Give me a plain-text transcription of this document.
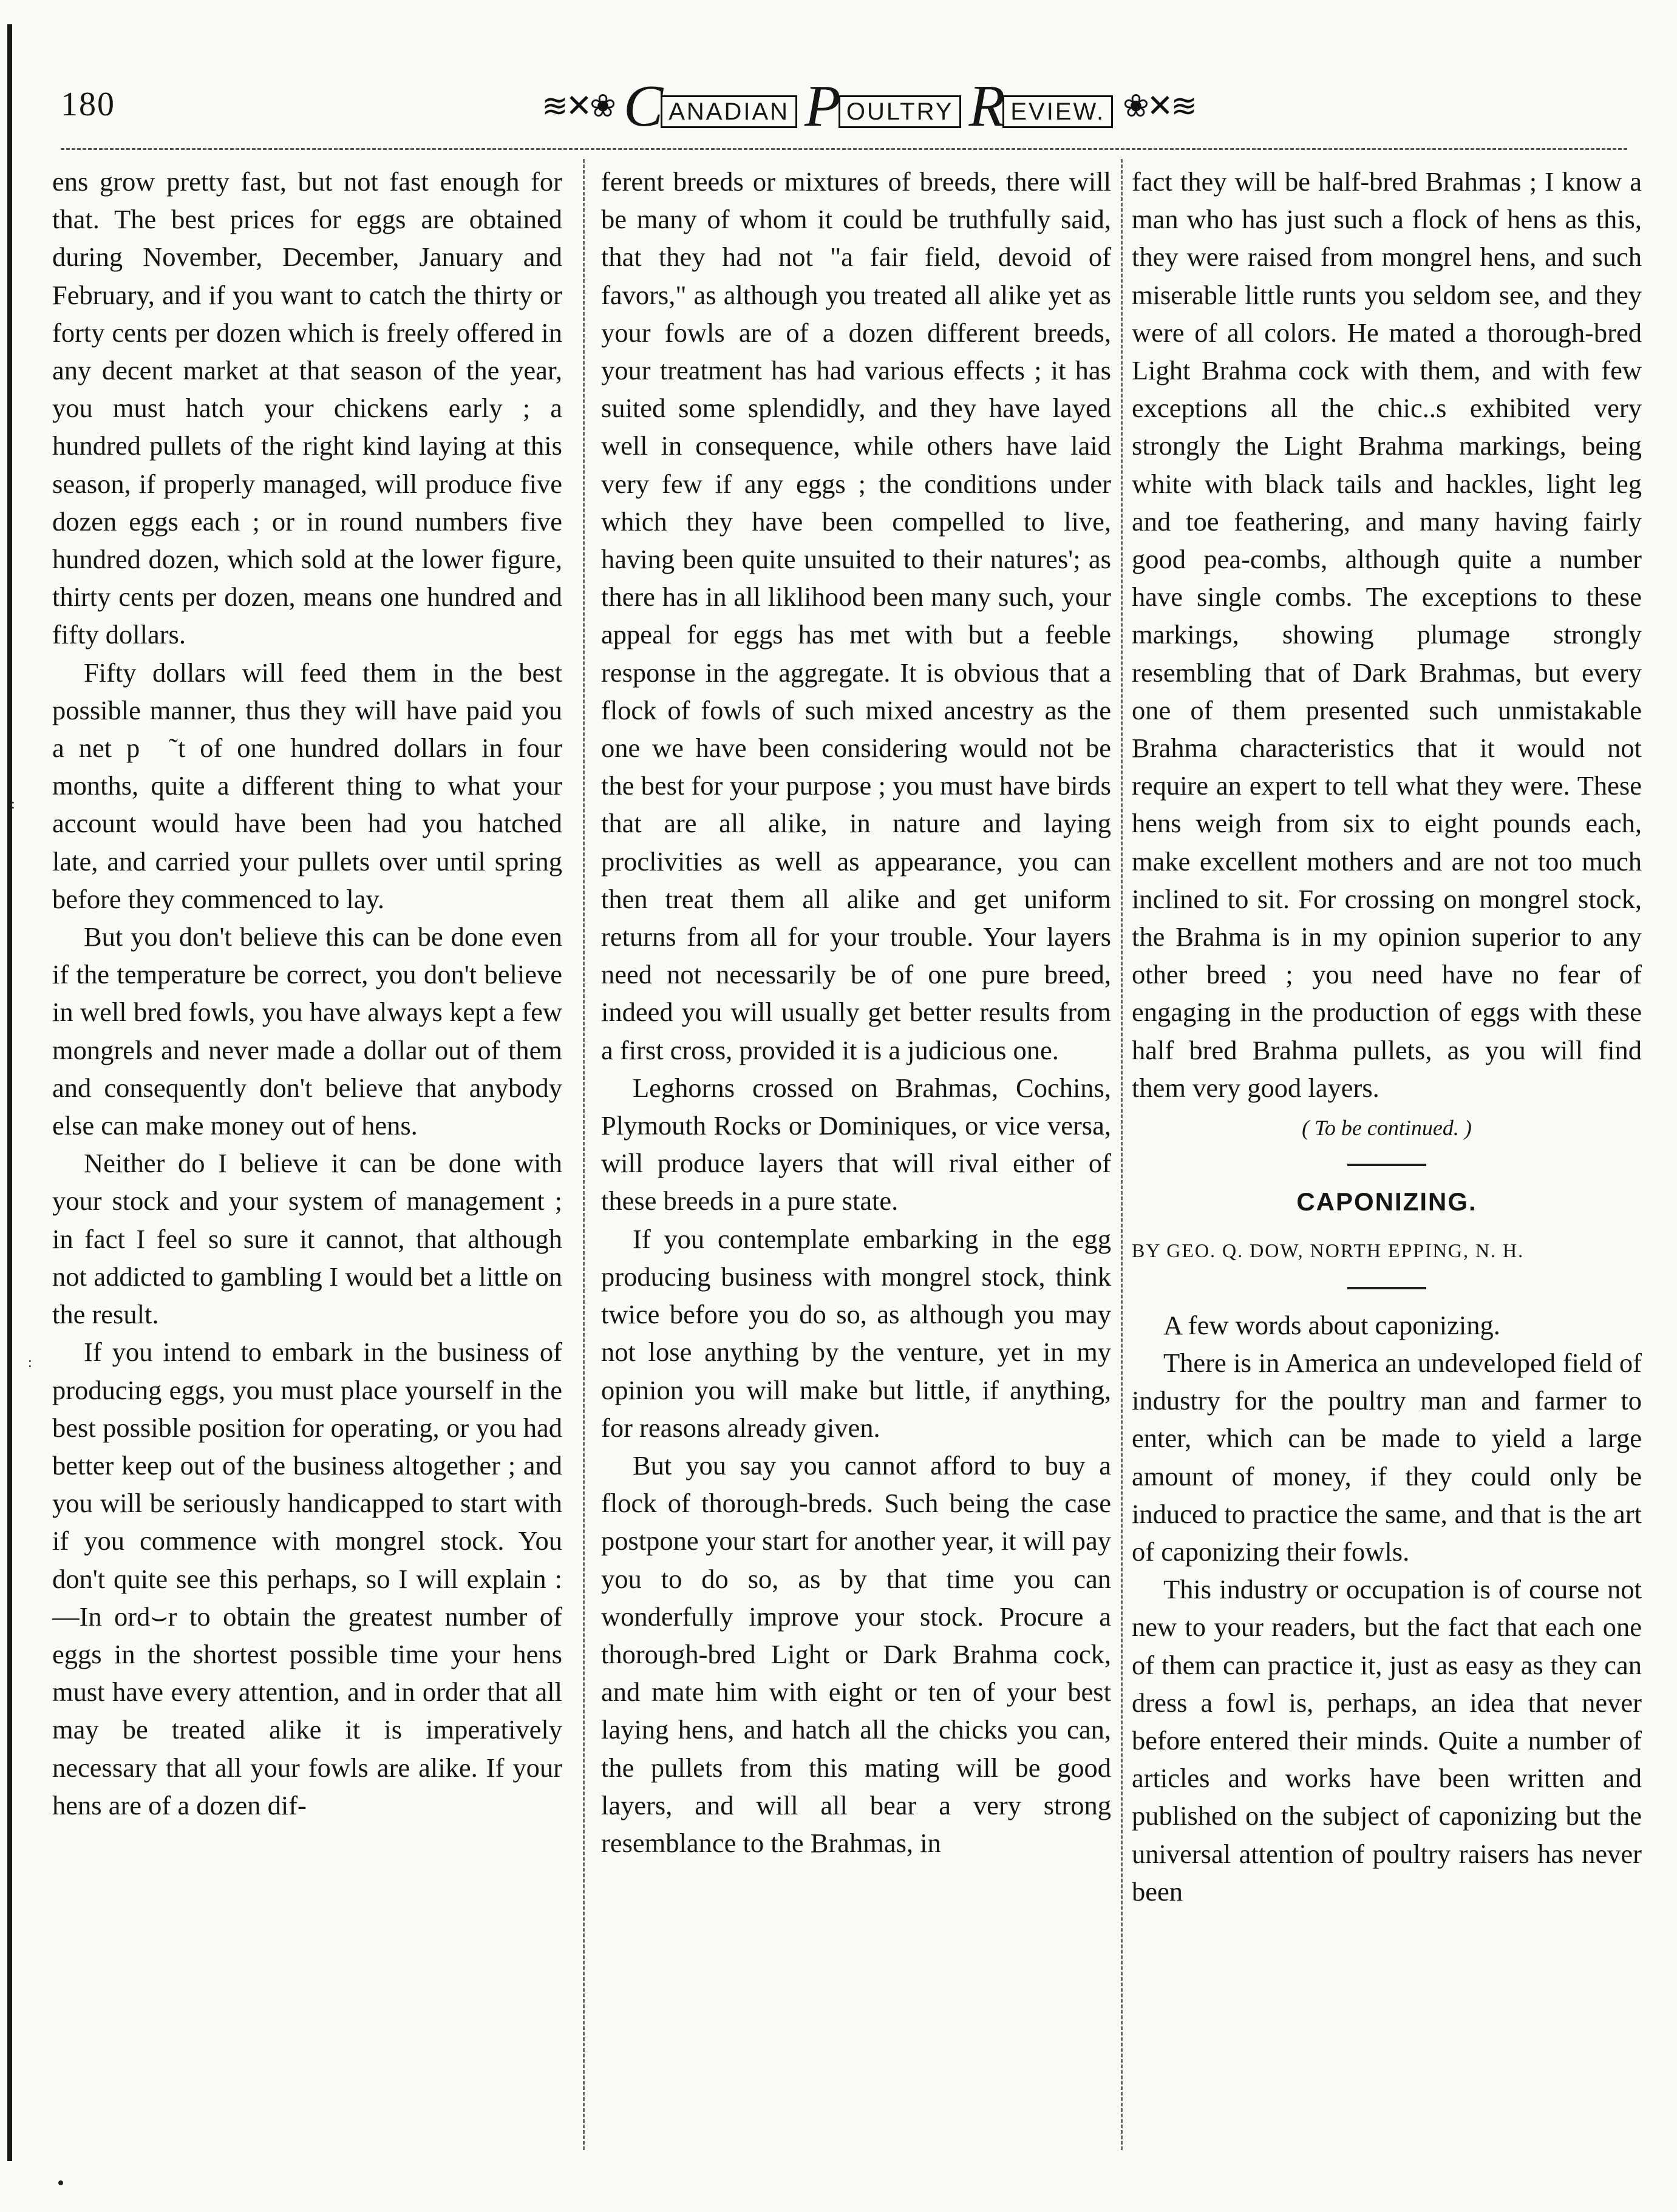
:
:
180	≋✕❀ C ANADIAN P OULTRY R EVIEW. ❀✕≋

ens grow pretty fast, but not fast enough for that. The best prices for eggs are obtained during November, December, January and February, and if you want to catch the thirty or forty cents per dozen which is freely offered in any decent market at that season of the year, you must hatch your chickens early ; a hundred pullets of the right kind laying at this season, if properly managed, will produce five dozen eggs each ; or in round numbers five hundred dozen, which sold at the lower figure, thirty cents per dozen, means one hundred and fifty dollars.

Fifty dollars will feed them in the best possible manner, thus they will have paid you a net p ⁠ ˜t of one hundred dollars in four months, quite a different thing to what your account would have been had you hatched late, and carried your pullets over until spring before they commenced to lay.

But you don't believe this can be done even if the temperature be correct, you don't believe in well bred fowls, you have always kept a few mongrels and never made a dollar out of them and consequently don't believe that anybody else can make money out of hens.

Neither do I believe it can be done with your stock and your system of management ; in fact I feel so sure it cannot, that although not addicted to gambling I would bet a little on the result.

If you intend to embark in the business of producing eggs, you must place yourself in the best possible position for operating, or you had better keep out of the business altogether ; and you will be seriously handicapped to start with if you commence with mongrel stock. You don't quite see this perhaps, so I will explain :—In ord⌣r to obtain the greatest number of eggs in the shortest possible time your hens must have every attention, and in order that all may be treated alike it is imperatively necessary that all your fowls are alike. If your hens are of a dozen dif-

ferent breeds or mixtures of breeds, there will be many of whom it could be truthfully said, that they had not "a fair field, devoid of favors," as although you treated all alike yet as your fowls are of a dozen different breeds, your treatment has had various effects ; it has suited some splendidly, and they have layed well in consequence, while others have laid very few if any eggs ; the conditions under which they have been compelled to live, having been quite unsuited to their natures'; as there has in all liklihood been many such, your appeal for eggs has met with but a feeble response in the aggregate. It is obvious that a flock of fowls of such mixed ancestry as the one we have been considering would not be the best for your purpose ; you must have birds that are all alike, in nature and laying proclivities as well as appearance, you can then treat them all alike and get uniform returns from all for your trouble. Your layers need not necessarily be of one pure breed, indeed you will usually get better results from a first cross, provided it is a judicious one.

Leghorns crossed on Brahmas, Cochins, Plymouth Rocks or Dominiques, or vice versa, will produce layers that will rival either of these breeds in a pure state.

If you contemplate embarking in the egg producing business with mongrel stock, think twice before you do so, as although you may not lose anything by the venture, yet in my opinion you will make but little, if anything, for reasons already given.

But you say you cannot afford to buy a flock of thorough-breds. Such being the case postpone your start for another year, it will pay you to do so, as by that time you can wonderfully improve your stock. Procure a thorough-bred Light or Dark Brahma cock, and mate him with eight or ten of your best laying hens, and hatch all the chicks you can, the pullets from this mating will be good layers, and will all bear a very strong resemblance to the Brahmas, in

fact they will be half-bred Brahmas ; I know a man who has just such a flock of hens as this, they were raised from mongrel hens, and such miserable little runts you seldom see, and they were of all colors. He mated a thorough-bred Light Brahma cock with them, and with few exceptions all the chic..s exhibited very strongly the Light Brahma markings, being white with black tails and hackles, light leg and toe feathering, and many having fairly good pea-combs, although quite a number have single combs. The exceptions to these markings, showing plumage strongly resembling that of Dark Brahmas, but every one of them presented such unmistakable Brahma characteristics that it would not require an expert to tell what they were. These hens weigh from six to eight pounds each, make excellent mothers and are not too much inclined to sit. For crossing on mongrel stock, the Brahma is in my opinion superior to any other breed ; you need have no fear of engaging in the production of eggs with these half bred Brahma pullets, as you will find them very good layers.

( To be continued. )
CAPONIZING.
BY GEO. Q. DOW, NORTH EPPING, N. H.

A few words about caponizing.

There is in America an undeveloped field of industry for the poultry man and farmer to enter, which can be made to yield a large amount of money, if they could only be induced to practice the same, and that is the art of caponizing their fowls.

This industry or occupation is of course not new to your readers, but the fact that each one of them can practice it, just as easy as they can dress a fowl is, perhaps, an idea that never before entered their minds. Quite a number of articles and works have been written and published on the subject of caponizing but the universal attention of poultry raisers has never been
